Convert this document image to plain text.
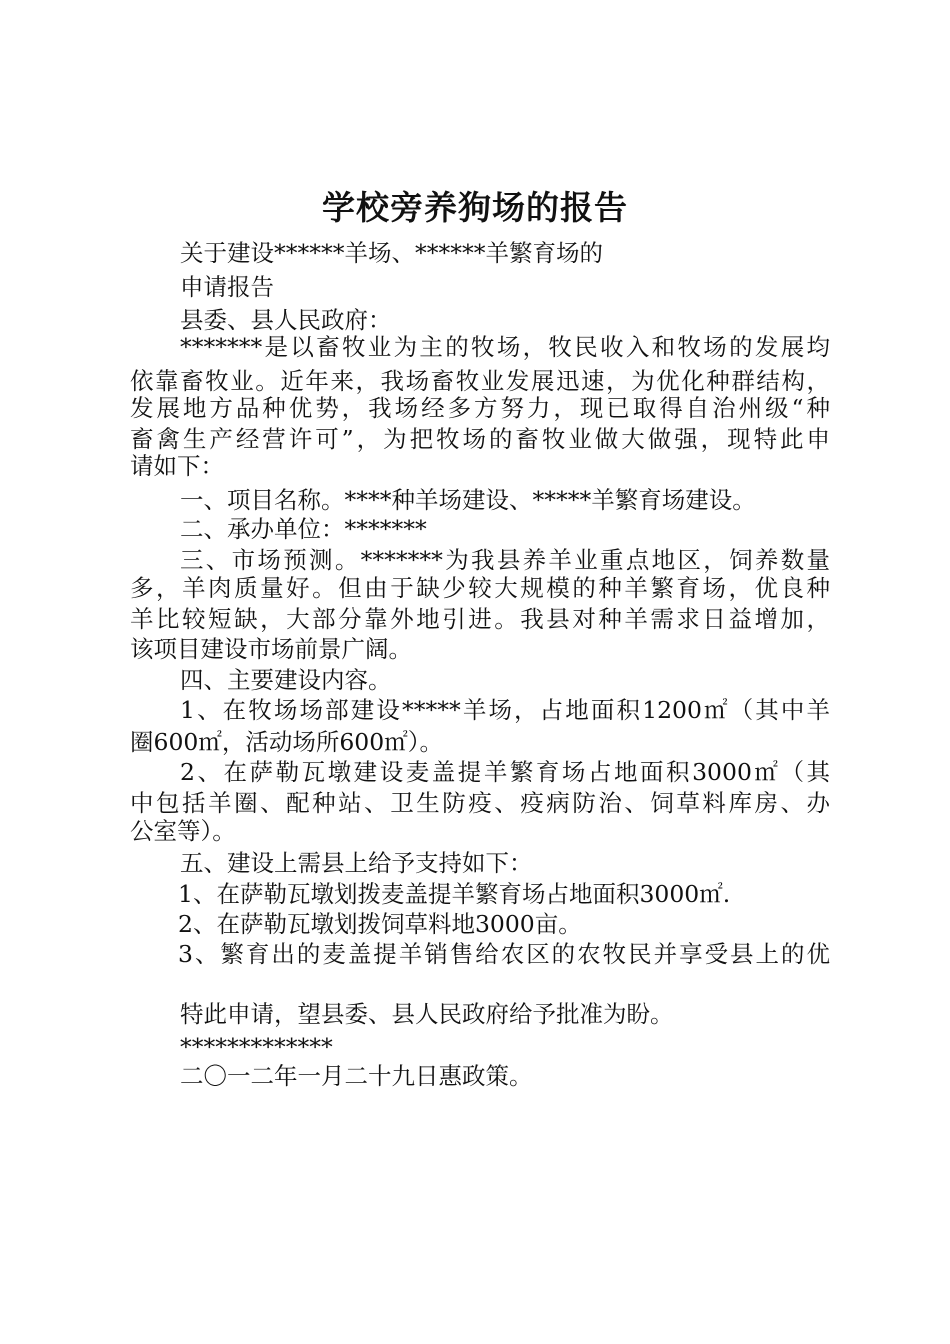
学校旁养狗场的报告
关于建设******羊场、******羊繁育场的
申请报告
县委、县人民政府：
*******是以畜牧业为主的牧场，牧民收入和牧场的发展均
依靠畜牧业。近年来，我场畜牧业发展迅速，为优化种群结构，
发展地方品种优势，我场经多方努力，现已取得自治州级“种
畜禽生产经营许可”，为把牧场的畜牧业做大做强，现特此申
请如下：
一、项目名称。****种羊场建设、*****羊繁育场建设。
二、承办单位：*******
三、市场预测。*******为我县养羊业重点地区，饲养数量
多，羊肉质量好。但由于缺少较大规模的种羊繁育场，优良种
羊比较短缺，大部分靠外地引进。我县对种羊需求日益增加，
该项目建设市场前景广阔。
四、主要建设内容。
1、在牧场场部建设*****羊场，占地面积1200㎡（其中羊
圈600㎡，活动场所600㎡）。
2、在萨勒瓦墩建设麦盖提羊繁育场占地面积3000㎡（其
中包括羊圈、配种站、卫生防疫、疫病防治、饲草料库房、办
公室等）。
五、建设上需县上给予支持如下：
1、在萨勒瓦墩划拨麦盖提羊繁育场占地面积3000㎡.
2、在萨勒瓦墩划拨饲草料地3000亩。
3、繁育出的麦盖提羊销售给农区的农牧民并享受县上的优
特此申请，望县委、县人民政府给予批准为盼。
*************
二〇一二年一月二十九日惠政策。
